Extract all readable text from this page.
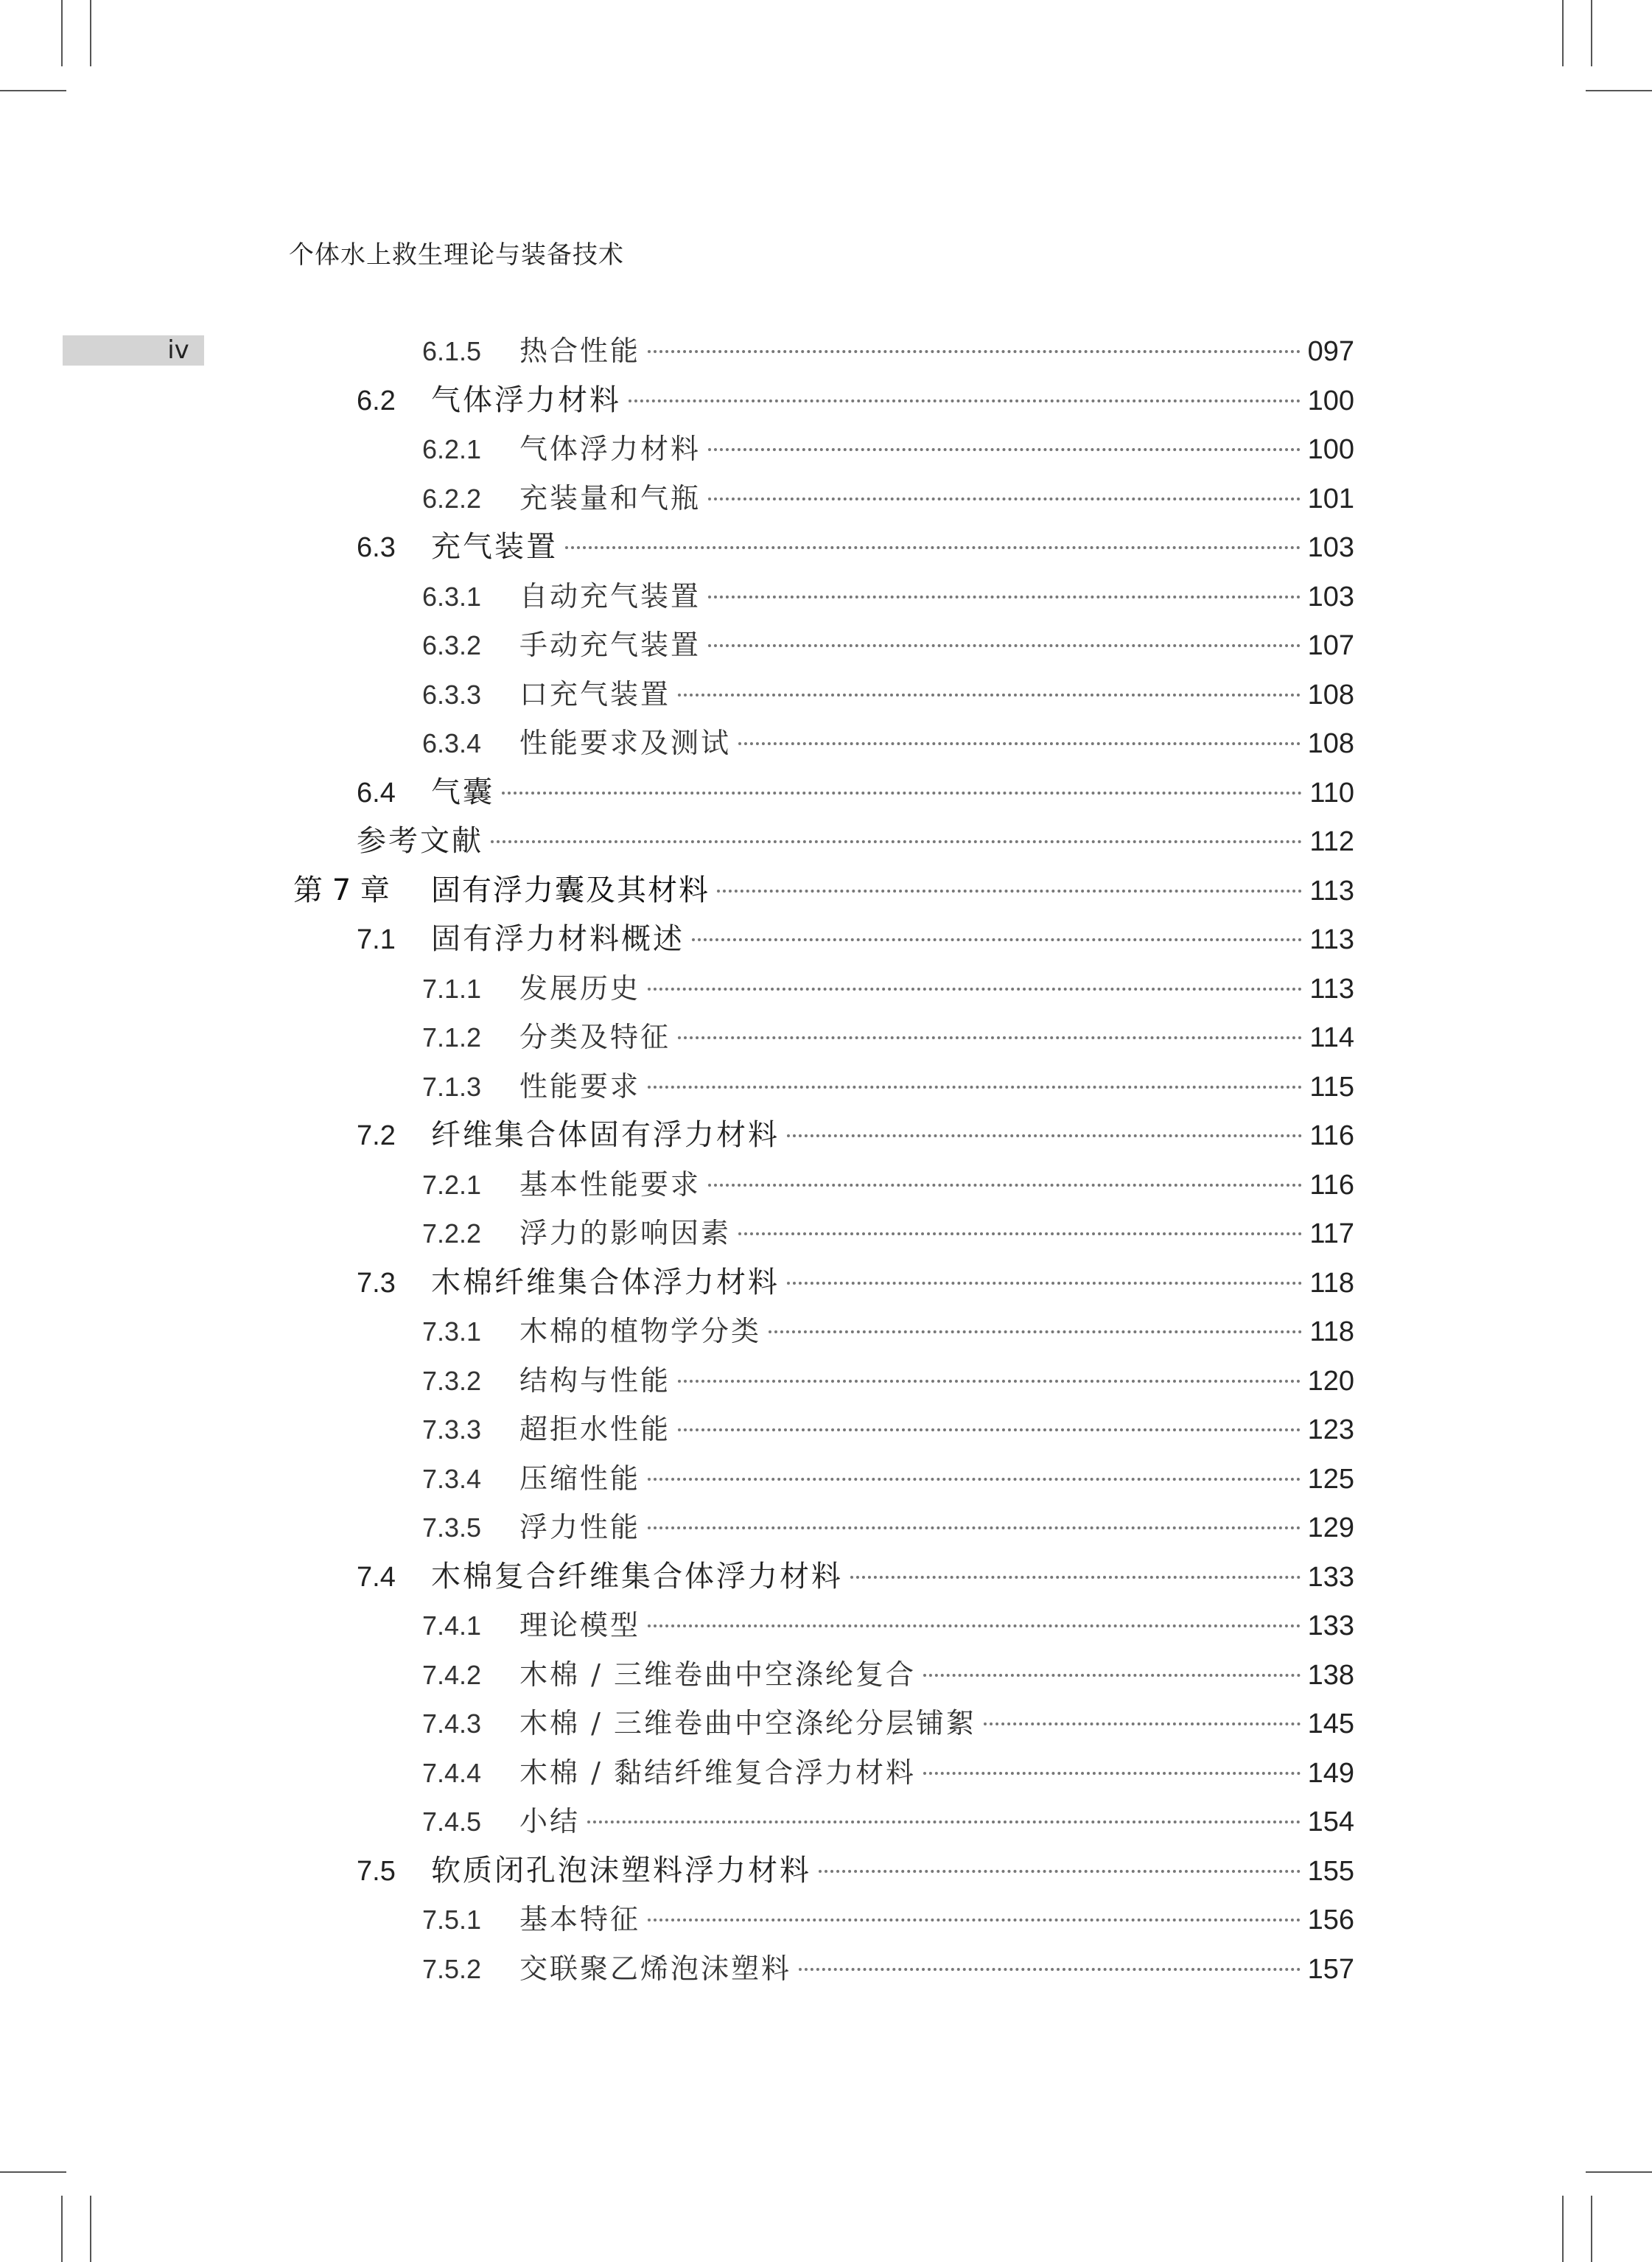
个体水上救生理论与装备技术
iv	6.1.5	热合性能	097
6.2	气体浮力材料	100
6.2.1	气体浮力材料	100
6.2.2	充装量和气瓶	101
6.3	充气装置	103
6.3.1	自动充气装置	103
6.3.2	手动充气装置	107
6.3.3	口充气装置	108
6.3.4	性能要求及测试	108
6.4	气囊	110
参考文献	112
第 7 章	固有浮力囊及其材料	113
7.1	固有浮力材料概述	113
7.1.1	发展历史	113
7.1.2	分类及特征	114
7.1.3	性能要求	115
7.2	纤维集合体固有浮力材料	116
7.2.1	基本性能要求	116
7.2.2	浮力的影响因素	117
7.3	木棉纤维集合体浮力材料	118
7.3.1	木棉的植物学分类	118
7.3.2	结构与性能	120
7.3.3	超拒水性能	123
7.3.4	压缩性能	125
7.3.5	浮力性能	129
7.4	木棉复合纤维集合体浮力材料	133
7.4.1	理论模型	133
7.4.2	木棉 / 三维卷曲中空涤纶复合	138
7.4.3	木棉 / 三维卷曲中空涤纶分层铺絮	145
7.4.4	木棉 / 黏结纤维复合浮力材料	149
7.4.5	小结	154
7.5	软质闭孔泡沫塑料浮力材料	155
7.5.1	基本特征	156
7.5.2	交联聚乙烯泡沫塑料	157
